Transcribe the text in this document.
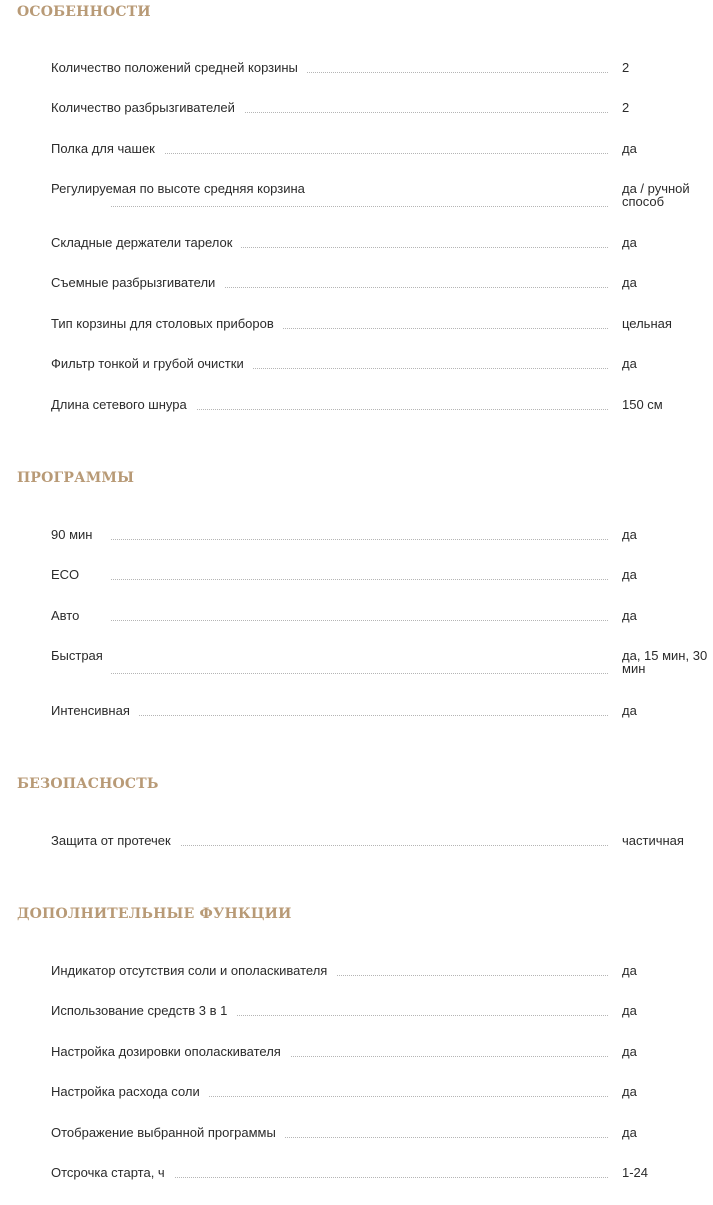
ОСОБЕННОСТИ
Количество положений средней корзины	2
Количество разбрызгивателей	2
Полка для чашек	да
Регулируемая по высоте средняя корзина	да / ручной способ
Складные держатели тарелок	да
Съемные разбрызгиватели	да
Тип корзины для столовых приборов	цельная
Фильтр тонкой и грубой очистки	да
Длина сетевого шнура	150 см
ПРОГРАММЫ
90 мин	да
ECO	да
Авто	да
Быстрая	да, 15 мин, 30 мин
Интенсивная	да
БЕЗОПАСНОСТЬ
Защита от протечек	частичная
ДОПОЛНИТЕЛЬНЫЕ ФУНКЦИИ
Индикатор отсутствия соли и ополаскивателя	да
Использование средств 3 в 1	да
Настройка дозировки ополаскивателя	да
Настройка расхода соли	да
Отображение выбранной программы	да
Отсрочка старта, ч	1-24
